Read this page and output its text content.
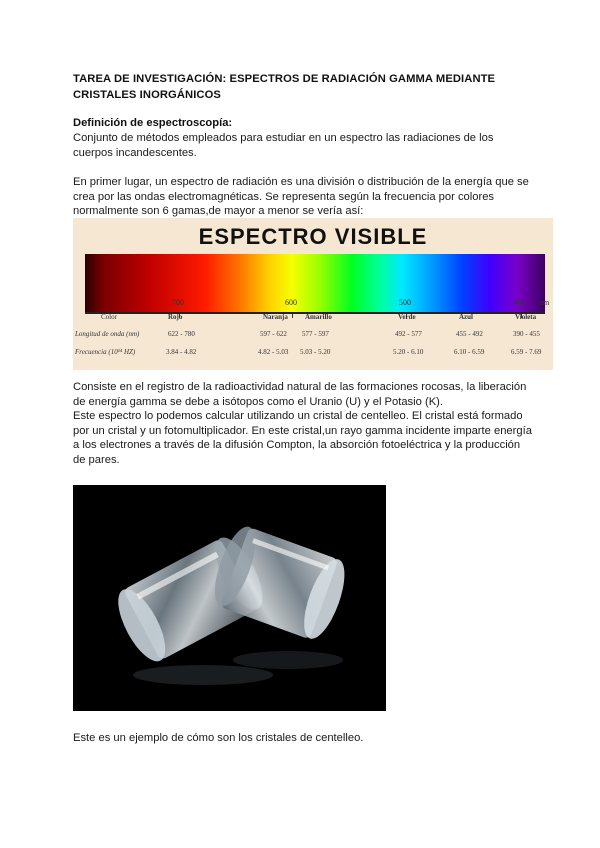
TAREA DE INVESTIGACIÓN: ESPECTROS DE RADIACIÓN GAMMA MEDIANTE CRISTALES INORGÁNICOS
Definición de espectroscopía:
Conjunto de métodos empleados para estudiar en un espectro las radiaciones de los cuerpos incandescentes.
En primer lugar, un espectro de radiación es una división o distribución de la energía que se crea por las ondas electromagnéticas. Se representa según la frecuencia por colores normalmente son 6 gamas,de mayor a menor se vería así:
ESPECTRO VISIBLE
700	600	500	400 nm
Color	Rojo	Naranja Amarillo	Verde	Azul	Violeta
Longitud de onda (nm)	622 - 780	597 - 622 577 - 597	492 - 577	455 - 492	390 - 455
Frecuencia (10¹⁴ HZ)	3.84 - 4.82	4.82 - 5.03 5.03 - 5.20	5.20 - 6.10	6.10 - 6.59	6.59 - 7.69
Consiste en el registro de la radioactividad natural de las formaciones rocosas, la liberación de energía gamma se debe a isótopos como el Uranio (U) y el Potasio (K).
Este espectro lo podemos calcular utilizando un cristal de centelleo. El cristal está formado por un cristal y un fotomultiplicador. En este cristal,un rayo gamma incidente imparte energía a los electrones a través de la difusión Compton, la absorción fotoeléctrica y la producción de pares.
Este es un ejemplo de cómo son los cristales de centelleo.
